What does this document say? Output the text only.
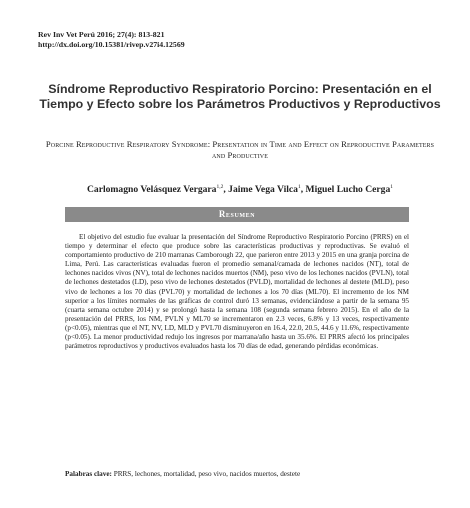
Rev Inv Vet Perú 2016; 27(4): 813-821
http://dx.doi.org/10.15381/rivep.v27i4.12569
Síndrome Reproductivo Respiratorio Porcino: Presentación en el Tiempo y Efecto sobre los Parámetros Productivos y Reproductivos
Porcine Reproductive Respiratory Syndrome: Presentation in Time and Effect on Reproductive Parameters and Productive
Carlomagno Velásquez Vergara$^{1,2}$, Jaime Vega Vilca$^1$, Miguel Lucho Cerga$^1$
Resumen

El objetivo del estudio fue evaluar la presentación del Síndrome Reproductivo Respiratorio Porcino (PRRS) en el tiempo y determinar el efecto que produce sobre las características productivas y reproductivas. Se evaluó el comportamiento productivo de 210 marranas Camborough 22, que parieron entre 2013 y 2015 en una granja porcina de Lima, Perú. Las características evaluadas fueron el promedio semanal/camada de lechones nacidos (NT), total de lechones nacidos vivos (NV), total de lechones nacidos muertos (NM), peso vivo de los lechones nacidos (PVLN), total de lechones destetados (LD), peso vivo de lechones destetados (PVLD), mortalidad de lechones al destete (MLD), peso vivo de lechones a los 70 días (PVL70) y mortalidad de lechones a los 70 días (ML70). El incremento de los NM superior a los límites normales de las gráficas de control duró 13 semanas, evidenciándose a partir de la semana 95 (cuarta semana octubre 2014) y se prolongó hasta la semana 108 (segunda semana febrero 2015). En el año de la presentación del PRRS, los NM, PVLN y ML70 se incrementaron en 2.3 veces, 6.8% y 13 veces, respectivamente (p<0.05), mientras que el NT, NV, LD, MLD y PVL70 disminuyeron en 16.4, 22.0, 20.5, 44.6 y 11.6%, respectivamente (p<0.05). La menor productividad redujo los ingresos por marrana/año hasta un 35.6%. El PRRS afectó los principales parámetros reproductivos y productivos evaluados hasta los 70 días de edad, generando pérdidas económicas.

Palabras clave: PRRS, lechones, mortalidad, peso vivo, nacidos muertos, destete
